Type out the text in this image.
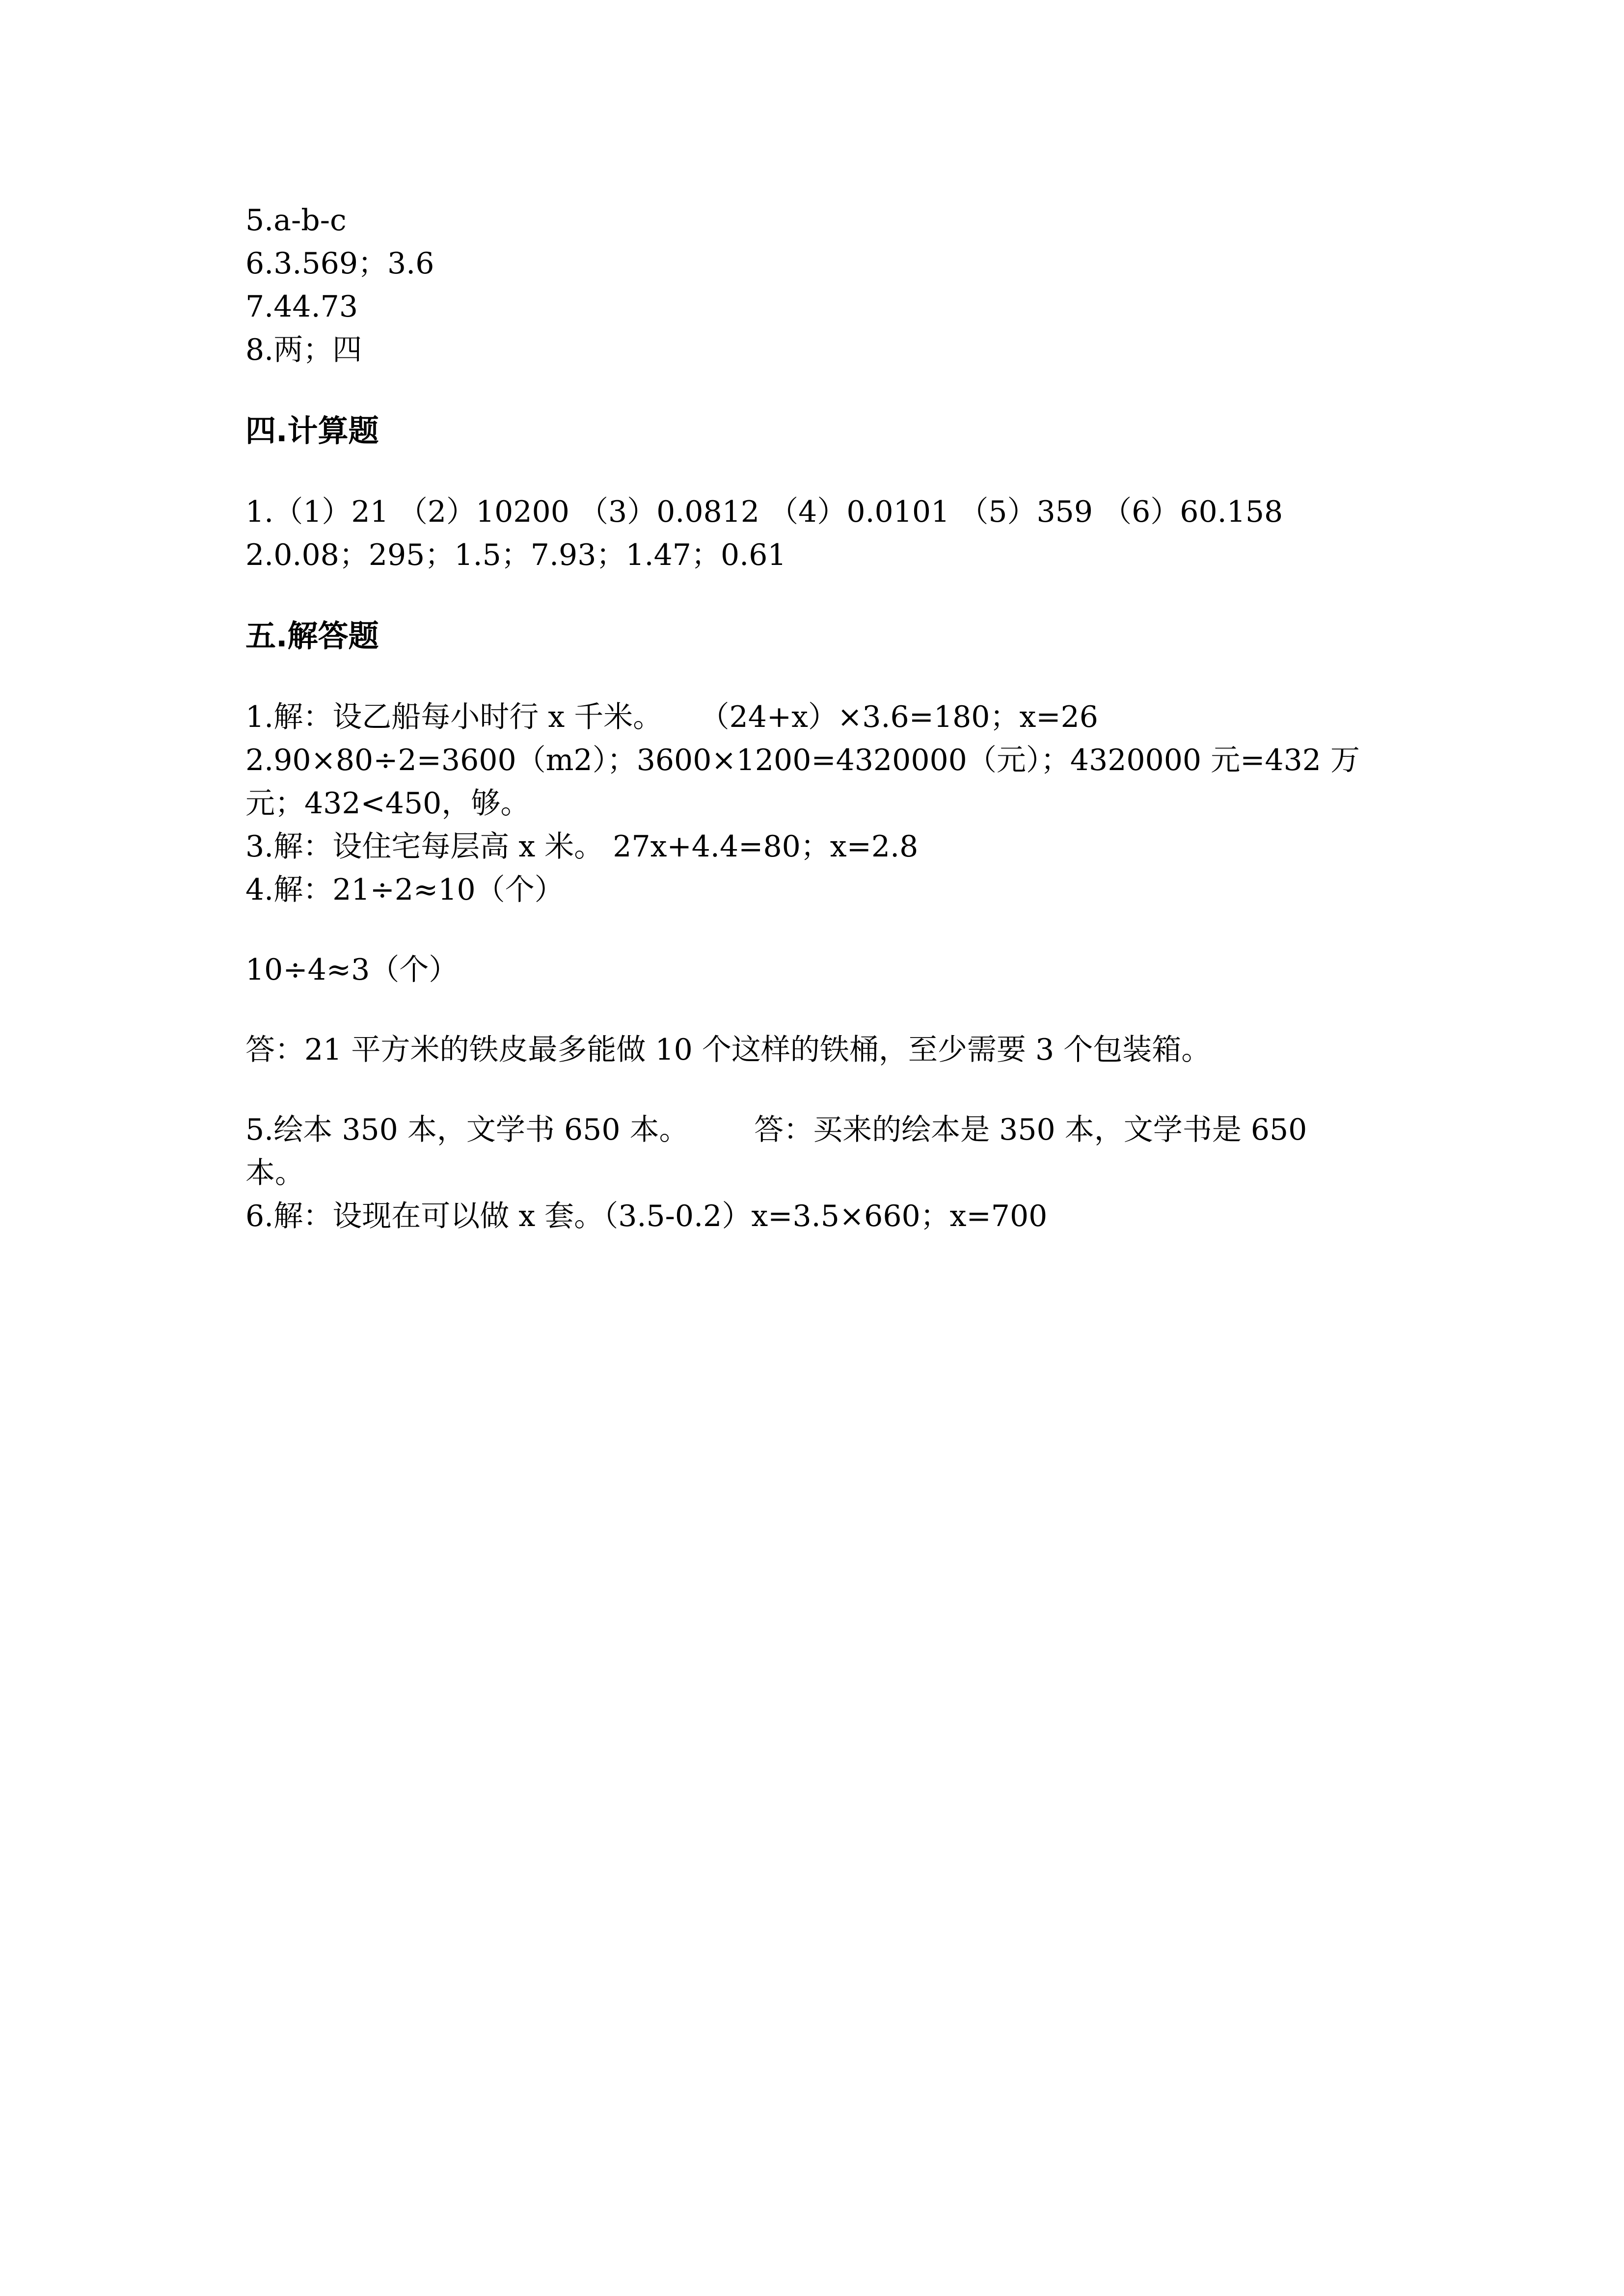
5.a-b-c
6.3.569；3.6
7.44.73
8.两；四
四.计算题
1.（1）21 （2）10200 （3）0.0812 （4）0.0101 （5）359 （6）60.158
2.0.08；295；1.5；7.93；1.47；0.61
五.解答题
1.解：设乙船每小时行 x 千米。    （24+x）×3.6=180；x=26
2.90×80÷2=3600（m2）；3600×1200=4320000（元）；4320000 元=432 万元；432<450，够。
3.解：设住宅每层高 x 米。 27x+4.4=80；x=2.8
4.解：21÷2≈10（个）
10÷4≈3（个）
答：21 平方米的铁皮最多能做 10 个这样的铁桶，至少需要 3 个包装箱。
5.绘本 350 本，文学书 650 本。       答：买来的绘本是 350 本，文学书是 650 本。
6.解：设现在可以做 x 套。（3.5-0.2）x=3.5×660；x=700
